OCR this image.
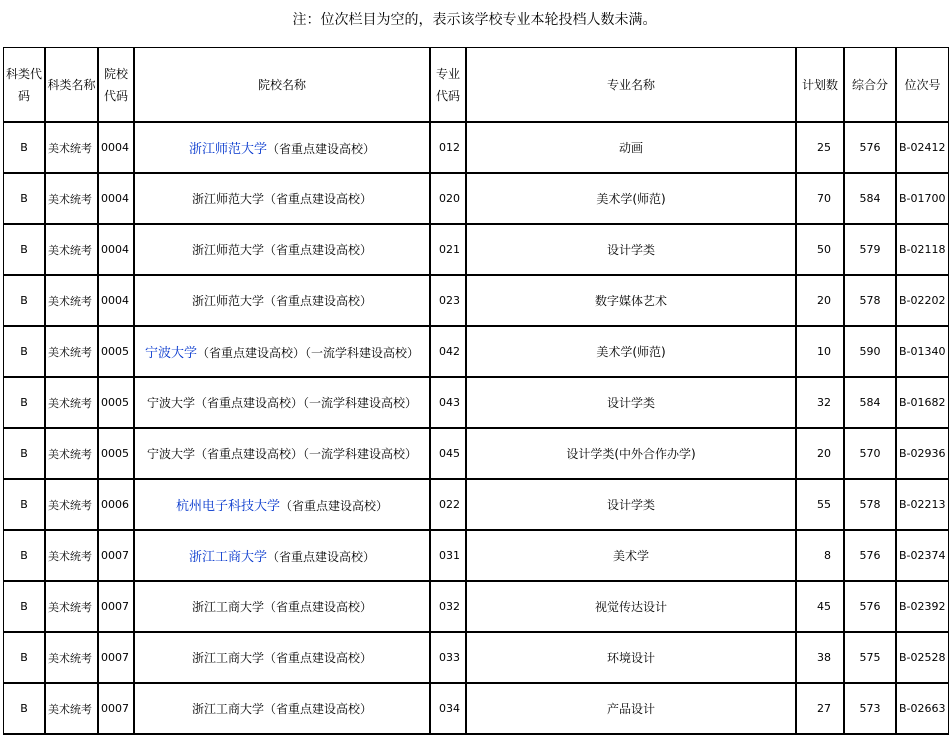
注：位次栏目为空的，表示该学校专业本轮投档人数未满。
科类代码	科类名称	院校代码	院校名称	专业代码	专业名称	计划数	综合分	位次号
B	美术统考	0004	浙江师范大学（省重点建设高校）	012	动画	25	576	B-02412
B	美术统考	0004	浙江师范大学（省重点建设高校）	020	美术学(师范)	70	584	B-01700
B	美术统考	0004	浙江师范大学（省重点建设高校）	021	设计学类	50	579	B-02118
B	美术统考	0004	浙江师范大学（省重点建设高校）	023	数字媒体艺术	20	578	B-02202
B	美术统考	0005	宁波大学（省重点建设高校）（一流学科建设高校）	042	美术学(师范)	10	590	B-01340
B	美术统考	0005	宁波大学（省重点建设高校）（一流学科建设高校）	043	设计学类	32	584	B-01682
B	美术统考	0005	宁波大学（省重点建设高校）（一流学科建设高校）	045	设计学类(中外合作办学)	20	570	B-02936
B	美术统考	0006	杭州电子科技大学（省重点建设高校）	022	设计学类	55	578	B-02213
B	美术统考	0007	浙江工商大学（省重点建设高校）	031	美术学	8	576	B-02374
B	美术统考	0007	浙江工商大学（省重点建设高校）	032	视觉传达设计	45	576	B-02392
B	美术统考	0007	浙江工商大学（省重点建设高校）	033	环境设计	38	575	B-02528
B	美术统考	0007	浙江工商大学（省重点建设高校）	034	产品设计	27	573	B-02663
